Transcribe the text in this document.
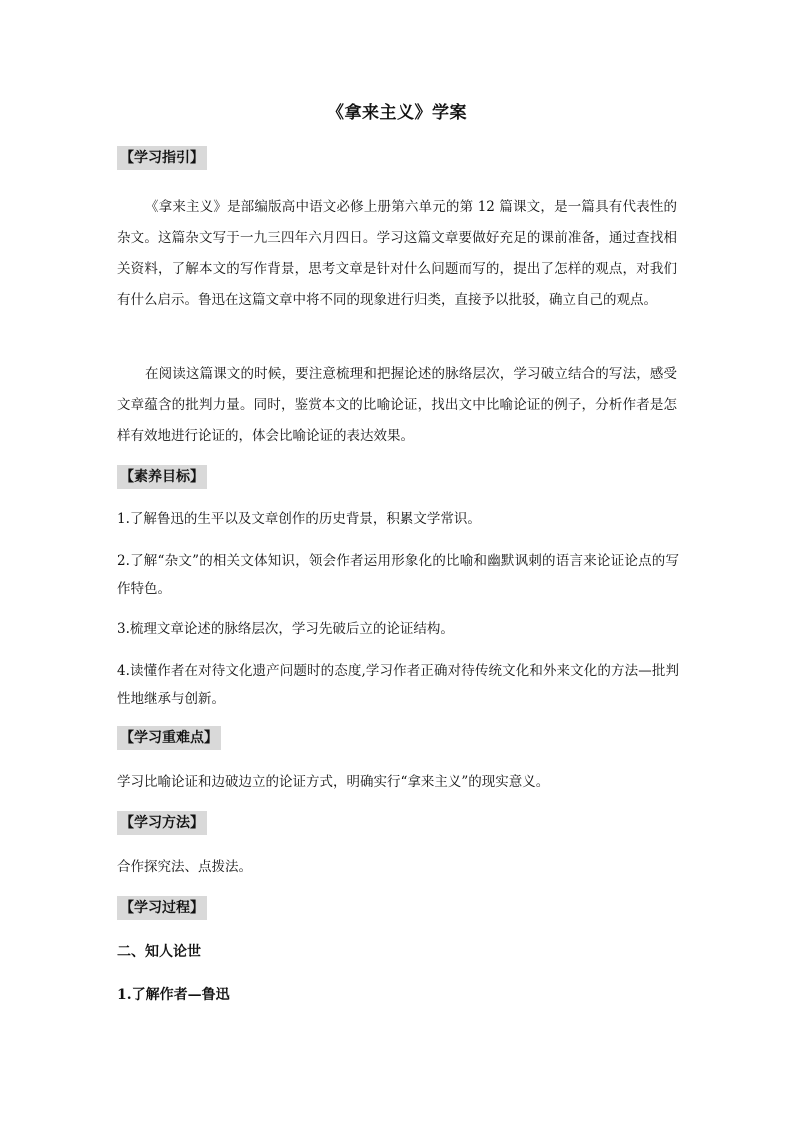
《拿来主义》学案
【学习指引】
《拿来主义》是部编版高中语文必修上册第六单元的第 12 篇课文，是一篇具有代表性的杂文。这篇杂文写于一九三四年六月四日。学习这篇文章要做好充足的课前准备，通过查找相关资料，了解本文的写作背景，思考文章是针对什么问题而写的，提出了怎样的观点，对我们有什么启示。鲁迅在这篇文章中将不同的现象进行归类，直接予以批驳，确立自己的观点。
在阅读这篇课文的时候，要注意梳理和把握论述的脉络层次，学习破立结合的写法，感受文章蕴含的批判力量。同时，鉴赏本文的比喻论证，找出文中比喻论证的例子，分析作者是怎样有效地进行论证的，体会比喻论证的表达效果。
【素养目标】
1.了解鲁迅的生平以及文章创作的历史背景，积累文学常识。
2.了解“杂文”的相关文体知识，领会作者运用形象化的比喻和幽默讽刺的语言来论证论点的写作特色。
3.梳理文章论述的脉络层次，学习先破后立的论证结构。
4.读懂作者在对待文化遗产问题时的态度,学习作者正确对待传统文化和外来文化的方法—批判性地继承与创新。
【学习重难点】
学习比喻论证和边破边立的论证方式，明确实行“拿来主义”的现实意义。
【学习方法】
合作探究法、点拨法。
【学习过程】
二、知人论世
1.了解作者—鲁迅
